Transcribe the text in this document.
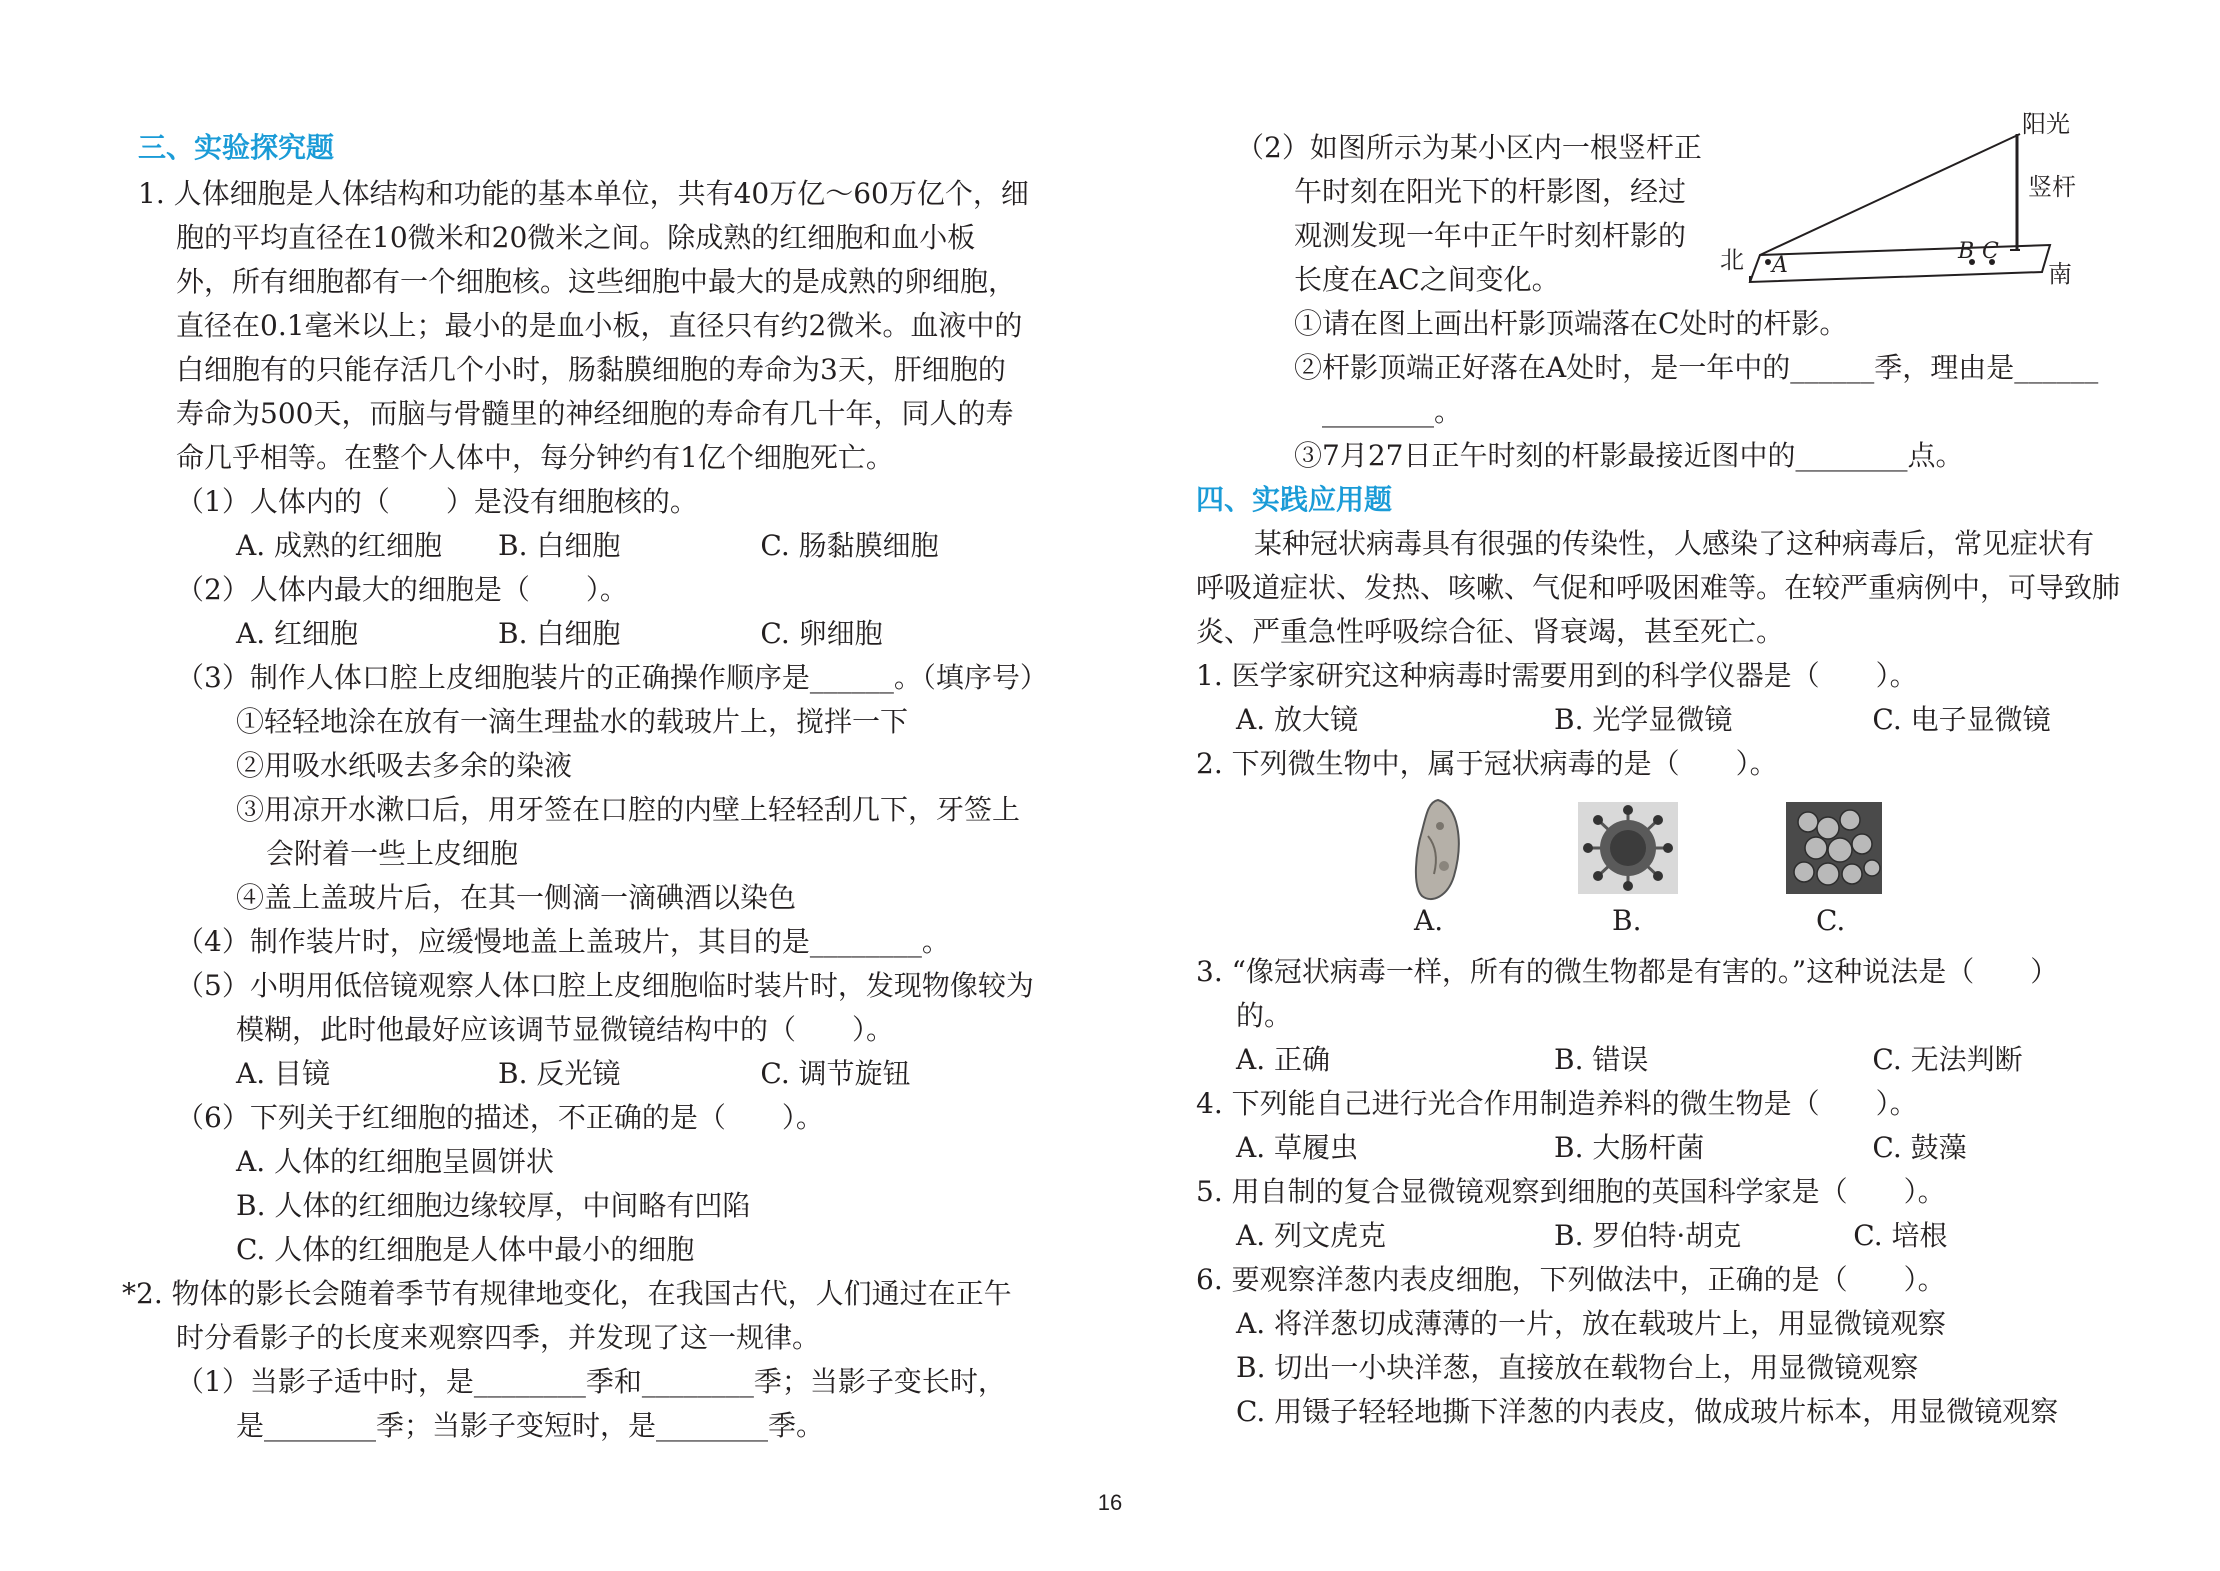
三、实验探究题
1. 人体细胞是人体结构和功能的基本单位，共有40万亿～60万亿个，细
胞的平均直径在10微米和20微米之间。除成熟的红细胞和血小板
外，所有细胞都有一个细胞核。这些细胞中最大的是成熟的卵细胞，
直径在0.1毫米以上；最小的是血小板，直径只有约2微米。血液中的
白细胞有的只能存活几个小时，肠黏膜细胞的寿命为3天，肝细胞的
寿命为500天，而脑与骨髓里的神经细胞的寿命有几十年，同人的寿
命几乎相等。在整个人体中，每分钟约有1亿个细胞死亡。
（1）人体内的（　　）是没有细胞核的。
A. 成熟的红细胞　　B. 白细胞　　　　　C. 肠黏膜细胞
（2）人体内最大的细胞是（　　）。
A. 红细胞　　　　　B. 白细胞　　　　　C. 卵细胞
（3）制作人体口腔上皮细胞装片的正确操作顺序是______。（填序号）
①轻轻地涂在放有一滴生理盐水的载玻片上，搅拌一下
②用吸水纸吸去多余的染液
③用凉开水漱口后，用牙签在口腔的内壁上轻轻刮几下，牙签上
会附着一些上皮细胞
④盖上盖玻片后，在其一侧滴一滴碘酒以染色
（4）制作装片时，应缓慢地盖上盖玻片，其目的是________。
（5）小明用低倍镜观察人体口腔上皮细胞临时装片时，发现物像较为
模糊，此时他最好应该调节显微镜结构中的（　　）。
A. 目镜　　　　　　B. 反光镜　　　　　C. 调节旋钮
（6）下列关于红细胞的描述，不正确的是（　　）。
A. 人体的红细胞呈圆饼状
B. 人体的红细胞边缘较厚，中间略有凹陷
C. 人体的红细胞是人体中最小的细胞
*2. 物体的影长会随着季节有规律地变化，在我国古代，人们通过在正午
时分看影子的长度来观察四季，并发现了这一规律。
（1）当影子适中时，是________季和________季；当影子变长时，
是________季；当影子变短时，是________季。
（2）如图所示为某小区内一根竖杆正
午时刻在阳光下的杆影图，经过
观测发现一年中正午时刻杆影的
长度在AC之间变化。
①请在图上画出杆影顶端落在C处时的杆影。
②杆影顶端正好落在A处时，是一年中的______季，理由是______
________。
③7月27日正午时刻的杆影最接近图中的________点。
阳光
竖杆
北	南
A
B C
四、实践应用题
某种冠状病毒具有很强的传染性，人感染了这种病毒后，常见症状有
呼吸道症状、发热、咳嗽、气促和呼吸困难等。在较严重病例中，可导致肺
炎、严重急性呼吸综合征、肾衰竭，甚至死亡。
1. 医学家研究这种病毒时需要用到的科学仪器是（　　）。
A. 放大镜　　　　　　　B. 光学显微镜　　　　　C. 电子显微镜
2. 下列微生物中，属于冠状病毒的是（　　）。
A.	B.	C.
3. “像冠状病毒一样，所有的微生物都是有害的。”这种说法是（　　）
的。
A. 正确　　　　　　　　B. 错误　　　　　　　　C. 无法判断
4. 下列能自己进行光合作用制造养料的微生物是（　　）。
A. 草履虫　　　　　　　B. 大肠杆菌　　　　　　C. 鼓藻
5. 用自制的复合显微镜观察到细胞的英国科学家是（　　）。
A. 列文虎克　　　　　　B. 罗伯特·胡克　　　　C. 培根
6. 要观察洋葱内表皮细胞，下列做法中，正确的是（　　）。
A. 将洋葱切成薄薄的一片，放在载玻片上，用显微镜观察
B. 切出一小块洋葱，直接放在载物台上，用显微镜观察
C. 用镊子轻轻地撕下洋葱的内表皮，做成玻片标本，用显微镜观察
16
